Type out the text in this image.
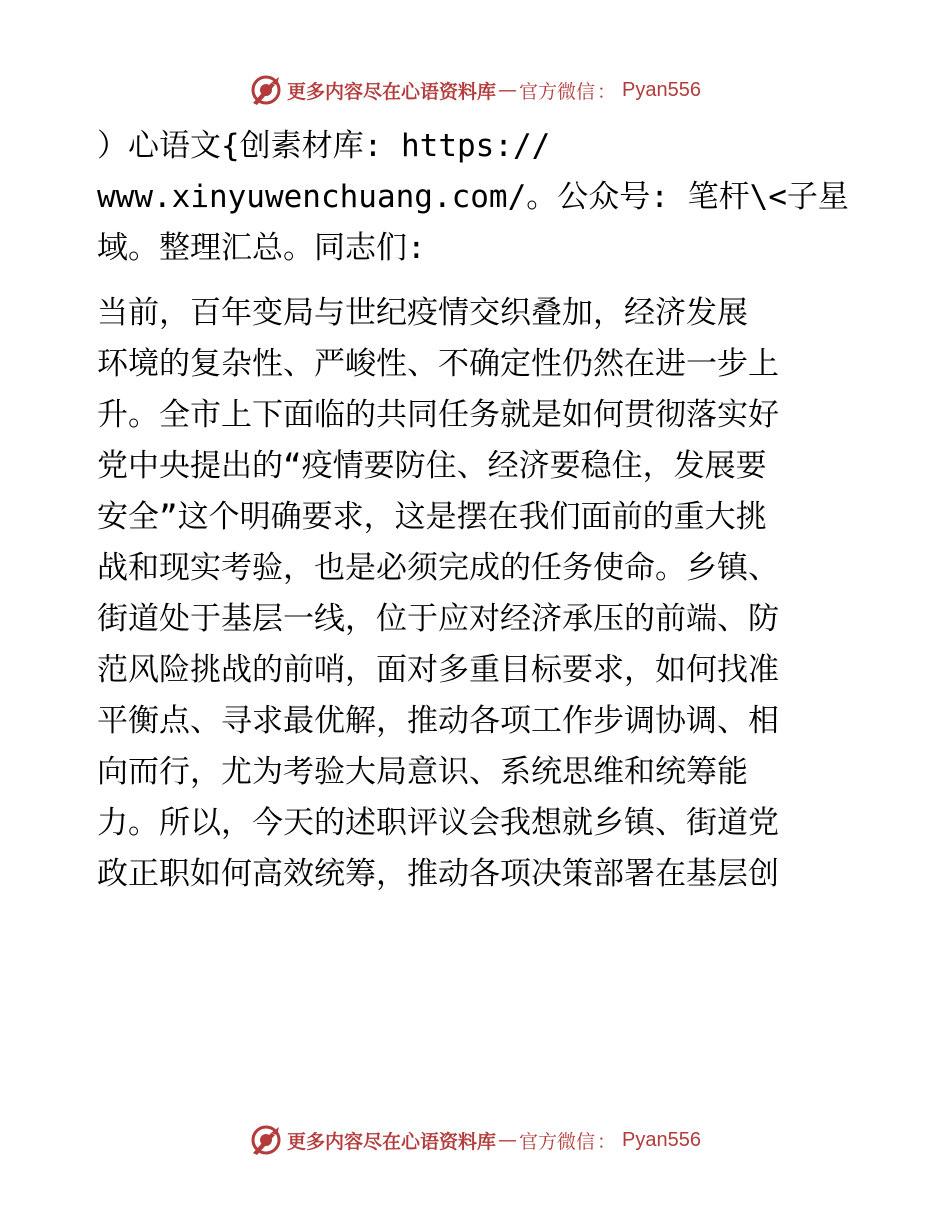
更多内容尽在心语资料库 — 官方微信 ： Pyan556
）心语文{创素材库: https://
www.xinyuwenchuang.com/。公众号: 笔杆\<子星
域。整理汇总。同志们:
当前，百年变局与世纪疫情交织叠加，经济发展
环境的复杂性、严峻性、不确定性仍然在进一步上
升。全市上下面临的共同任务就是如何贯彻落实好
党中央提出的“疫情要防住、经济要稳住，发展要
安全”这个明确要求，这是摆在我们面前的重大挑
战和现实考验，也是必须完成的任务使命。乡镇、
街道处于基层一线，位于应对经济承压的前端、防
范风险挑战的前哨，面对多重目标要求，如何找准
平衡点、寻求最优解，推动各项工作步调协调、相
向而行，尤为考验大局意识、系统思维和统筹能
力。所以，今天的述职评议会我想就乡镇、街道党
政正职如何高效统筹，推动各项决策部署在基层创
更多内容尽在心语资料库 — 官方微信 ： Pyan556
